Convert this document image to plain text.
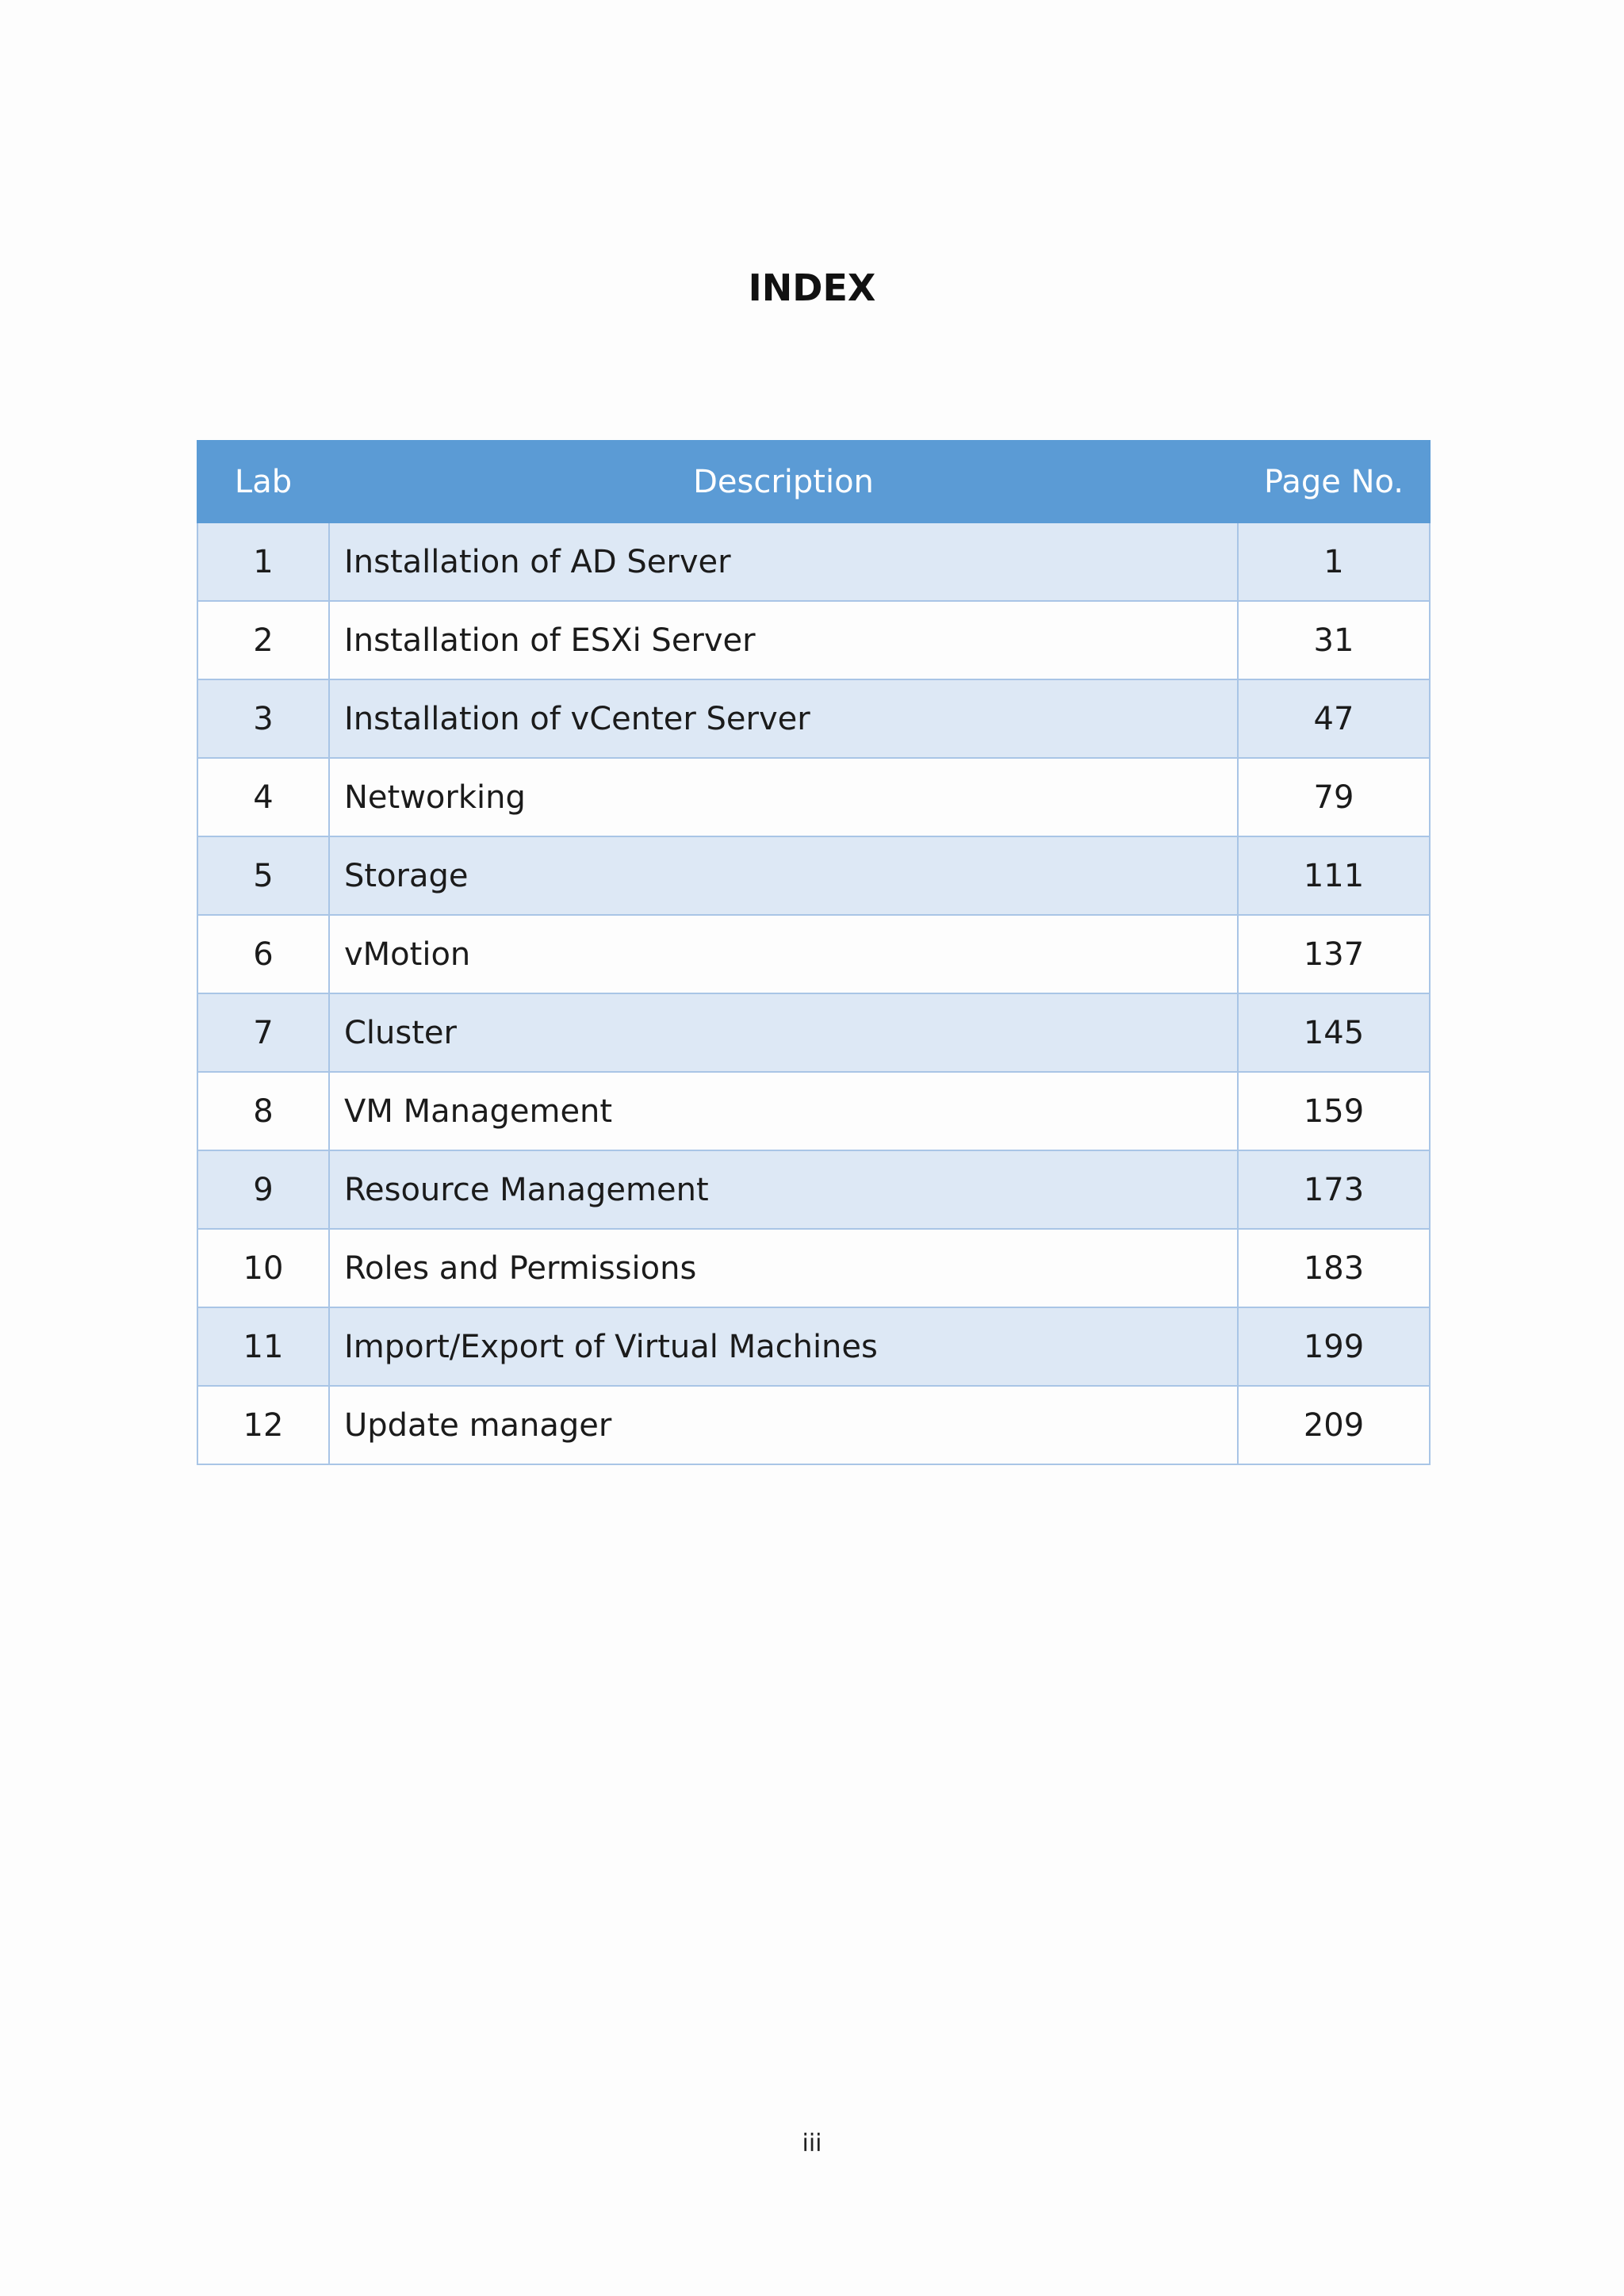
INDEX
Lab	Description	Page No.
1	Installation of AD Server	1
2	Installation of ESXi Server	31
3	Installation of vCenter Server	47
4	Networking	79
5	Storage	111
6	vMotion	137
7	Cluster	145
8	VM Management	159
9	Resource Management	173
10	Roles and Permissions	183
11	Import/Export of Virtual Machines	199
12	Update manager	209
iii
